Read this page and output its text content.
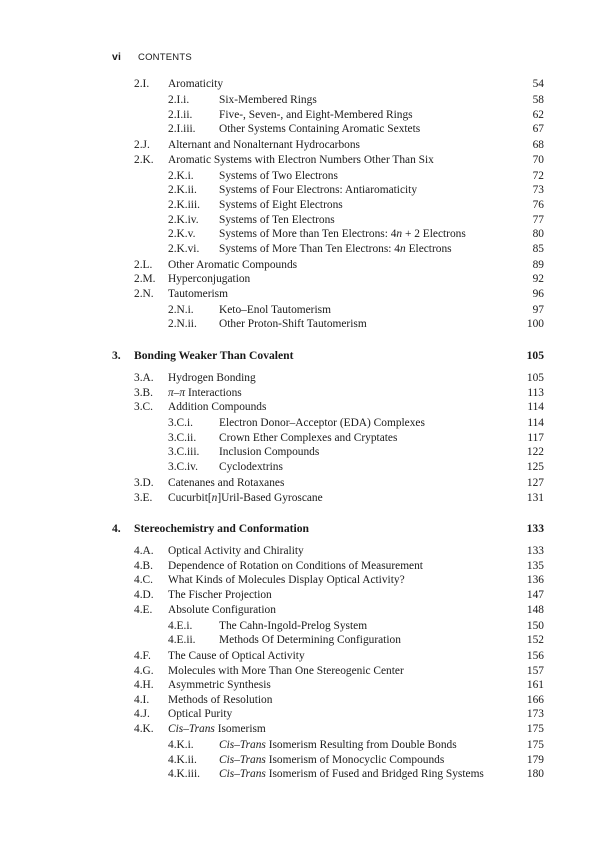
vi CONTENTS
2.I. Aromaticity	54
2.I.i.	Six-Membered Rings	58
2.I.ii. Five-, Seven-, and Eight-Membered Rings	62
2.I.iii. Other Systems Containing Aromatic Sextets	67
2.J. Alternant and Nonalternant Hydrocarbons	68
2.K. Aromatic Systems with Electron Numbers Other Than Six	70
2.K.i. Systems of Two Electrons	72
2.K.ii. Systems of Four Electrons: Antiaromaticity	73
2.K.iii. Systems of Eight Electrons	76
2.K.iv. Systems of Ten Electrons	77
2.K.v. Systems of More than Ten Electrons: 4n + 2 Electrons	80
2.K.vi. Systems of More Than Ten Electrons: 4n Electrons	85
2.L. Other Aromatic Compounds	89
2.M. Hyperconjugation	92
2.N. Tautomerism	96
2.N.i. Keto–Enol Tautomerism	97
2.N.ii. Other Proton-Shift Tautomerism	100
3. Bonding Weaker Than Covalent	105
3.A. Hydrogen Bonding	105
3.B. π–π Interactions	113
3.C. Addition Compounds	114
3.C.i. Electron Donor–Acceptor (EDA) Complexes	114
3.C.ii. Crown Ether Complexes and Cryptates	117
3.C.iii. Inclusion Compounds	122
3.C.iv. Cyclodextrins	125
3.D. Catenanes and Rotaxanes	127
3.E. Cucurbit[n]Uril-Based Gyroscane	131
4. Stereochemistry and Conformation	133
4.A. Optical Activity and Chirality	133
4.B. Dependence of Rotation on Conditions of Measurement	135
4.C. What Kinds of Molecules Display Optical Activity?	136
4.D. The Fischer Projection	147
4.E. Absolute Configuration	148
4.E.i. The Cahn-Ingold-Prelog System	150
4.E.ii. Methods Of Determining Configuration	152
4.F. The Cause of Optical Activity	156
4.G. Molecules with More Than One Stereogenic Center	157
4.H. Asymmetric Synthesis	161
4.I. Methods of Resolution	166
4.J. Optical Purity	173
4.K. Cis–Trans Isomerism	175
4.K.i. Cis–Trans Isomerism Resulting from Double Bonds	175
4.K.ii. Cis–Trans Isomerism of Monocyclic Compounds	179
4.K.iii. Cis–Trans Isomerism of Fused and Bridged Ring Systems	180
